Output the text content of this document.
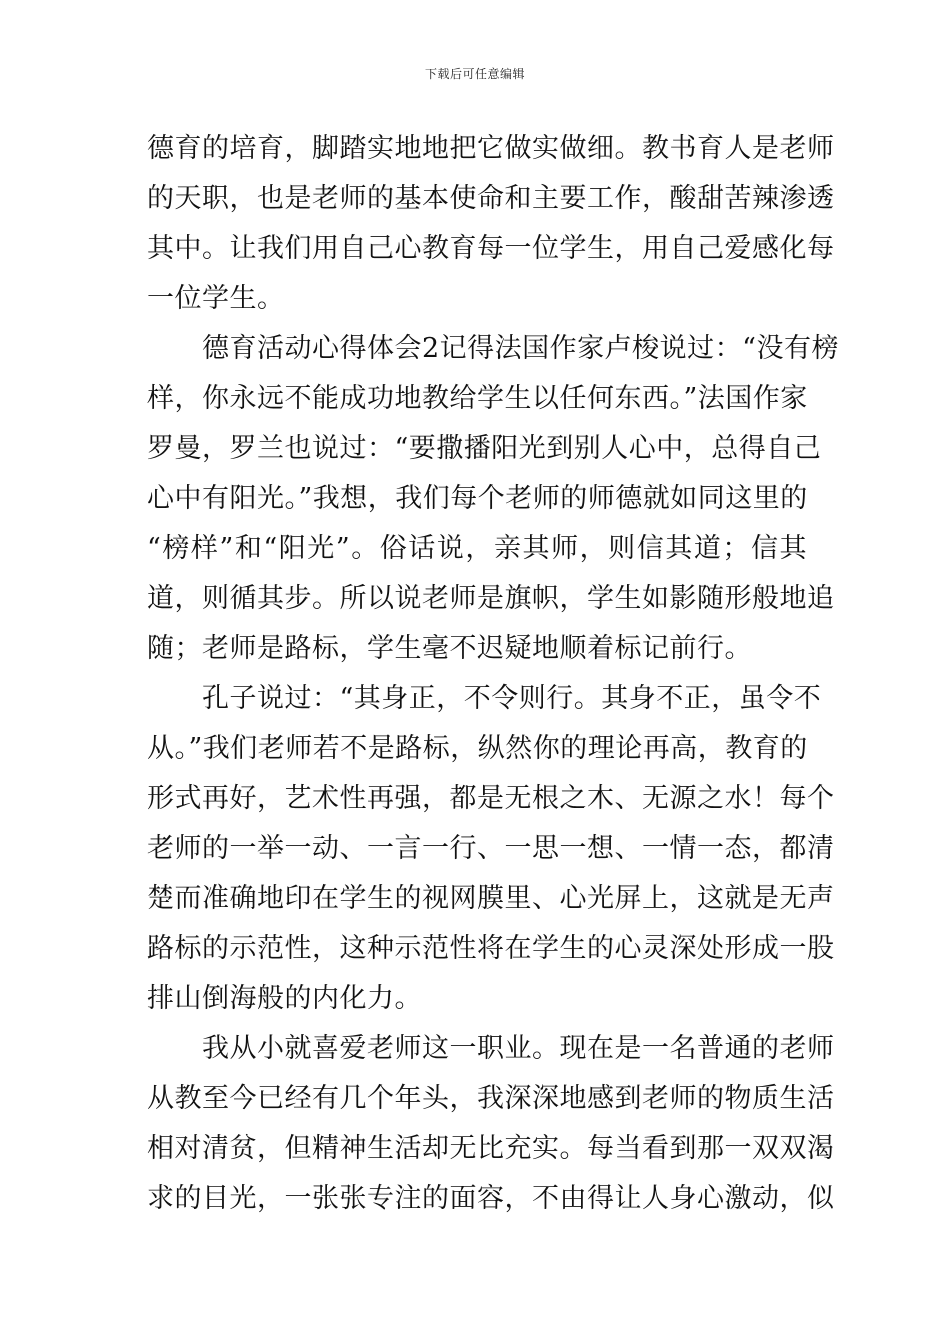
下载后可任意编辑
德育的培育，脚踏实地地把它做实做细。教书育人是老师
的天职，也是老师的基本使命和主要工作，酸甜苦辣渗透
其中。让我们用自己心教育每一位学生，用自己爱感化每
一位学生。
　　德育活动心得体会2记得法国作家卢梭说过：“没有榜
样，你永远不能成功地教给学生以任何东西。”法国作家
罗曼，罗兰也说过：“要撒播阳光到别人心中，总得自己
心中有阳光。”我想，我们每个老师的师德就如同这里的
“榜样”和“阳光”。俗话说，亲其师，则信其道；信其
道，则循其步。所以说老师是旗帜，学生如影随形般地追
随；老师是路标，学生毫不迟疑地顺着标记前行。
　　孔子说过：“其身正，不令则行。其身不正，虽令不
从。”我们老师若不是路标，纵然你的理论再高，教育的
形式再好，艺术性再强，都是无根之木、无源之水！每个
老师的一举一动、一言一行、一思一想、一情一态，都清
楚而准确地印在学生的视网膜里、心光屏上，这就是无声
路标的示范性，这种示范性将在学生的心灵深处形成一股
排山倒海般的内化力。
　　我从小就喜爱老师这一职业。现在是一名普通的老师
从教至今已经有几个年头，我深深地感到老师的物质生活
相对清贫，但精神生活却无比充实。每当看到那一双双渴
求的目光，一张张专注的面容，不由得让人身心激动，似
